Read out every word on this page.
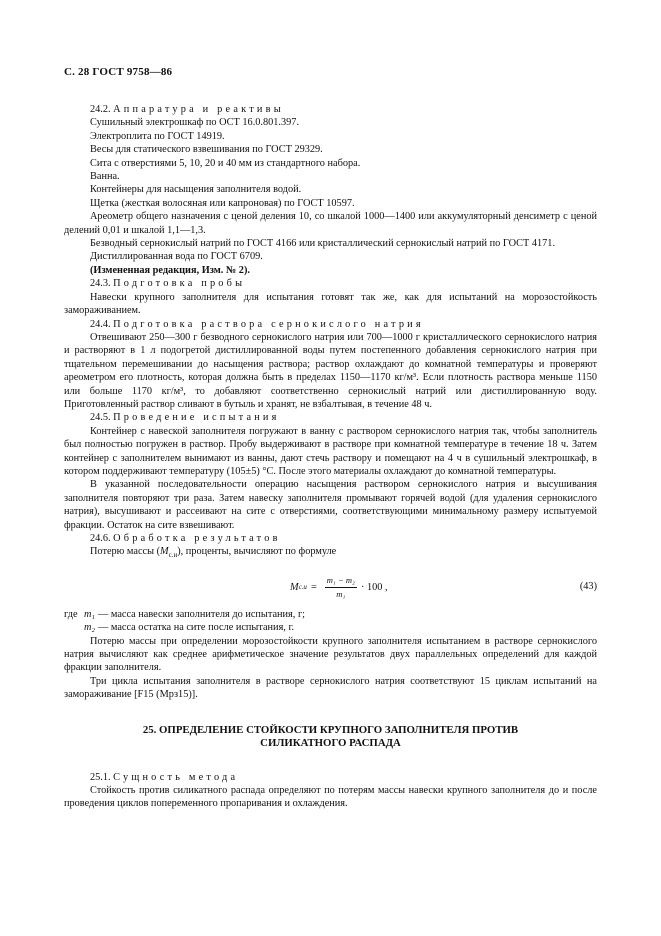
С. 28 ГОСТ 9758—86

24.2. Аппаратура и реактивы

Сушильный электрошкаф по ОСТ 16.0.801.397.

Электроплита по ГОСТ 14919.

Весы для статического взвешивания по ГОСТ 29329.

Сита с отверстиями 5, 10, 20 и 40 мм из стандартного набора.

Ванна.

Контейнеры для насыщения заполнителя водой.

Щетка (жесткая волосяная или капроновая) по ГОСТ 10597.

Ареометр общего назначения с ценой деления 10, со шкалой 1000—1400 или аккумуляторный денсиметр с ценой делений 0,01 и шкалой 1,1—1,3.

Безводный сернокислый натрий по ГОСТ 4166 или кристаллический сернокислый натрий по ГОСТ 4171.

Дистиллированная вода по ГОСТ 6709.

(Измененная редакция, Изм. № 2).

24.3. Подготовка пробы

Навески крупного заполнителя для испытания готовят так же, как для испытаний на морозостойкость замораживанием.

24.4. Подготовка раствора сернокислого натрия

Отвешивают 250—300 г безводного сернокислого натрия или 700—1000 г кристаллического сернокислого натрия и растворяют в 1 л подогретой дистиллированной воды путем постепенного добавления сернокислого натрия при тщательном перемешивании до насыщения раствора; раствор охлаждают до комнатной температуры и проверяют ареометром его плотность, которая должна быть в пределах 1150—1170 кг/м³. Если плотность раствора меньше 1150 или больше 1170 кг/м³, то добавляют соответственно сернокислый натрий или дистиллированную воду. Приготовленный раствор сливают в бутыль и хранят, не взбалтывая, в течение 48 ч.

24.5. Проведение испытания

Контейнер с навеской заполнителя погружают в ванну с раствором сернокислого натрия так, чтобы заполнитель был полностью погружен в раствор. Пробу выдерживают в растворе при комнатной температуре в течение 18 ч. Затем контейнер с заполнителем вынимают из ванны, дают стечь раствору и помещают на 4 ч в сушильный электрошкаф, в котором поддерживают температуру (105±5) °С. После этого материалы охлаждают до комнатной температуры.

В указанной последовательности операцию насыщения раствором сернокислого натрия и высушивания заполнителя повторяют три раза. Затем навеску заполнителя промывают горячей водой (для удаления сернокислого натрия), высушивают и рассеивают на сите с отверстиями, соответствующими минимальному размеру испытуемой фракции. Остаток на сите взвешивают.

24.6. Обработка результатов

Потерю массы $(M_{с.и})$, проценты, вычисляют по формуле

M $с.и = \frac{\text{m₁ − m₂}}{\text{m₁}} \cdot 100$ ,	(43)
где m₁ — масса навески заполнителя до испытания, г;
m₂ — масса остатка на сите после испытания, г.

Потерю массы при определении морозостойкости крупного заполнителя испытанием в растворе сернокислого натрия вычисляют как среднее арифметическое значение результатов двух параллельных определений для каждой фракции заполнителя.

Три цикла испытания заполнителя в растворе сернокислого натрия соответствуют 15 циклам испытаний на замораживание [F15 (Мрз15)].

25. ОПРЕДЕЛЕНИЕ СТОЙКОСТИ КРУПНОГО ЗАПОЛНИТЕЛЯ ПРОТИВ
СИЛИКАТНОГО РАСПАДА

25.1. Сущность метода

Стойкость против силикатного распада определяют по потерям массы навески крупного заполнителя до и после проведения циклов попеременного пропаривания и охлаждения.
